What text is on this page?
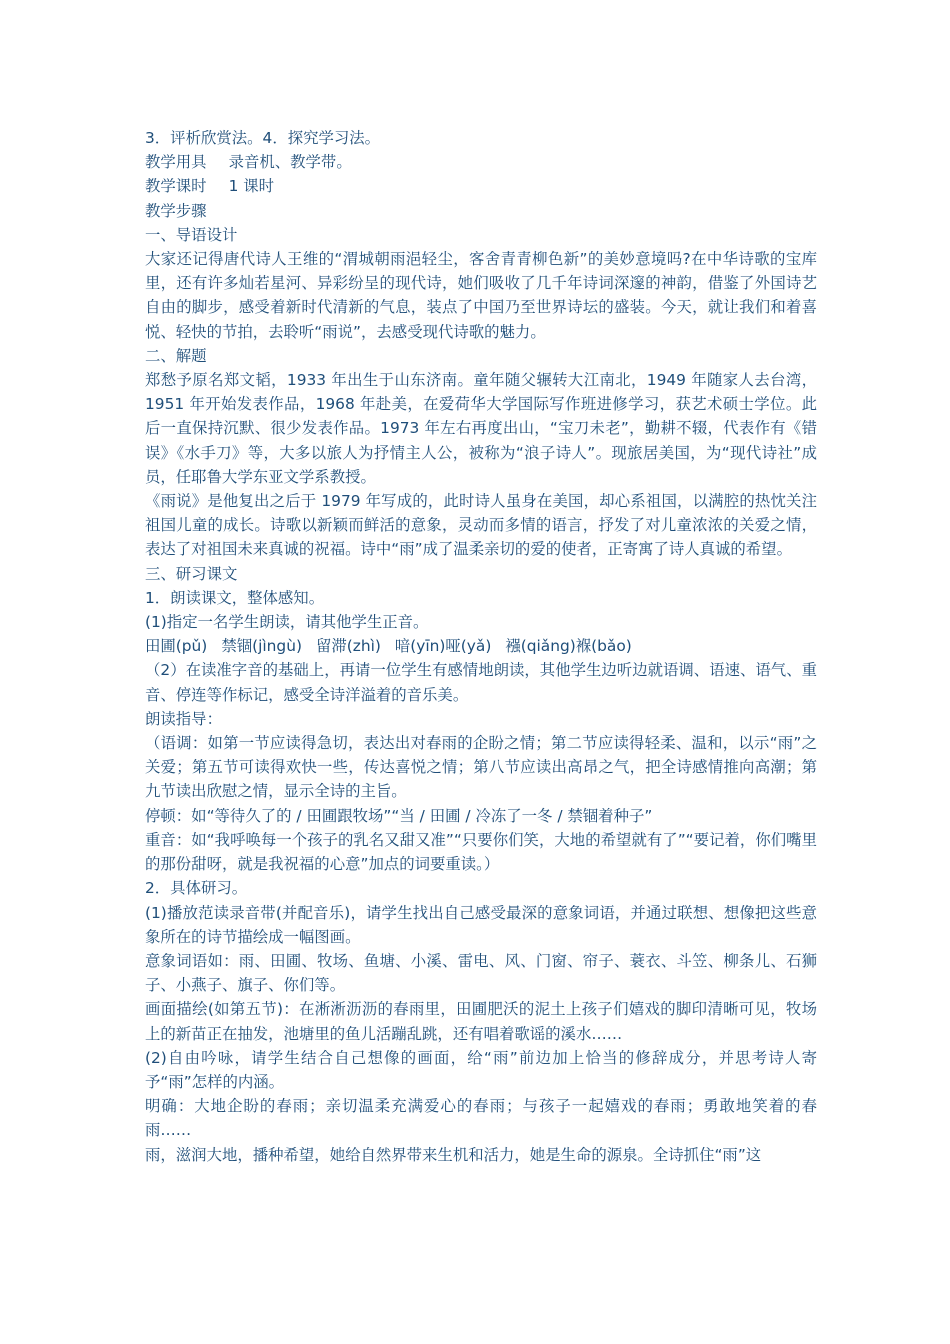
3．评析欣赏法。4．探究学习法。

教学用具 录音机、教学带。

教学课时 1 课时

教学步骤

一、导语设计

大家还记得唐代诗人王维的“渭城朝雨浥轻尘，客舍青青柳色新”的美妙意境吗?在中华诗歌的宝库里，还有许多灿若星河、异彩纷呈的现代诗，她们吸收了几千年诗词深邃的神韵，借鉴了外国诗艺自由的脚步，感受着新时代清新的气息，装点了中国乃至世界诗坛的盛装。今天，就让我们和着喜悦、轻快的节拍，去聆听“雨说”，去感受现代诗歌的魅力。

二、解题

郑愁予原名郑文韬，1933 年出生于山东济南。童年随父辗转大江南北，1949 年随家人去台湾，1951 年开始发表作品，1968 年赴美，在爱荷华大学国际写作班进修学习，获艺术硕士学位。此后一直保持沉默、很少发表作品。1973 年左右再度出山，“宝刀未老”，勤耕不辍，代表作有《错误》《水手刀》等，大多以旅人为抒情主人公，被称为“浪子诗人”。现旅居美国，为“现代诗社”成员，任耶鲁大学东亚文学系教授。

《雨说》是他复出之后于 1979 年写成的，此时诗人虽身在美国，却心系祖国，以满腔的热忱关注祖国儿童的成长。诗歌以新颖而鲜活的意象，灵动而多情的语言，抒发了对儿童浓浓的关爱之情，表达了对祖国未来真诚的祝福。诗中“雨”成了温柔亲切的爱的使者，正寄寓了诗人真诚的希望。

三、研习课文

1．朗读课文，整体感知。

(1)指定一名学生朗读，请其他学生正音。

田圃(pǔ) 禁锢(jìngù) 留滞(zhì) 喑(yīn)哑(yǎ) 襁(qiǎng)褓(bǎo)

（2）在读准字音的基础上，再请一位学生有感情地朗读，其他学生边听边就语调、语速、语气、重音、停连等作标记，感受全诗洋溢着的音乐美。

朗读指导：

（语调：如第一节应读得急切，表达出对春雨的企盼之情；第二节应读得轻柔、温和，以示“雨”之关爱；第五节可读得欢快一些，传达喜悦之情；第八节应读出高昂之气，把全诗感情推向高潮；第九节读出欣慰之情，显示全诗的主旨。

停顿：如“等待久了的 / 田圃跟牧场”“当 / 田圃 / 冷冻了一冬 / 禁锢着种子”

重音：如“我呼唤每一个孩子的乳名又甜又准”“只要你们笑，大地的希望就有了”“要记着，你们嘴里的那份甜呀，就是我祝福的心意”加点的词要重读。）

2．具体研习。

(1)播放范读录音带(并配音乐)，请学生找出自己感受最深的意象词语，并通过联想、想像把这些意象所在的诗节描绘成一幅图画。

意象词语如：雨、田圃、牧场、鱼塘、小溪、雷电、风、门窗、帘子、蓑衣、斗笠、柳条儿、石狮子、小燕子、旗子、你们等。

画面描绘(如第五节)：在淅淅沥沥的春雨里，田圃肥沃的泥土上孩子们嬉戏的脚印清晰可见，牧场上的新苗正在抽发，池塘里的鱼儿活蹦乱跳，还有唱着歌谣的溪水……

(2)自由吟咏，请学生结合自己想像的画面，给“雨”前边加上恰当的修辞成分，并思考诗人寄予“雨”怎样的内涵。

明确：大地企盼的春雨；亲切温柔充满爱心的春雨；与孩子一起嬉戏的春雨；勇敢地笑着的春雨……

雨，滋润大地，播种希望，她给自然界带来生机和活力，她是生命的源泉。全诗抓住“雨”这
